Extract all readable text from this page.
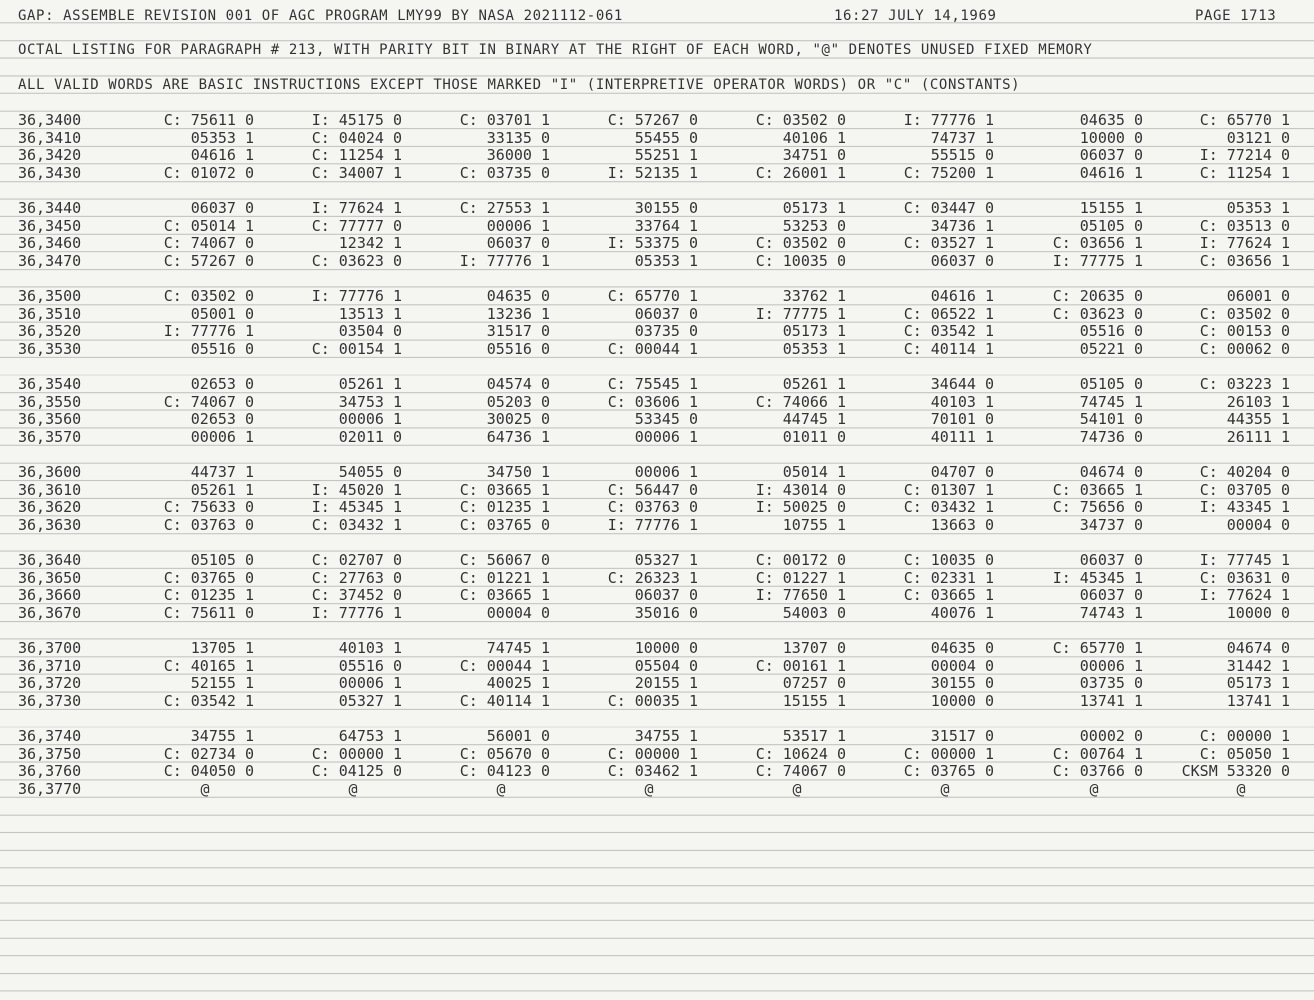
GAP: ASSEMBLE REVISION 001 OF AGC PROGRAM LMY99 BY NASA 2021112-061	16:27 JULY 14,1969	PAGE 1713
OCTAL LISTING FOR PARAGRAPH # 213, WITH PARITY BIT IN BINARY AT THE RIGHT OF EACH WORD, "@" DENOTES UNUSED FIXED MEMORY
ALL VALID WORDS ARE BASIC INSTRUCTIONS EXCEPT THOSE MARKED "I" (INTERPRETIVE OPERATOR WORDS) OR "C" (CONSTANTS)
36,3400	C: 75611 0	I: 45175 0	C: 03701 1	C: 57267 0	C: 03502 0	I: 77776 1	04635 0	C: 65770 1
36,3410	05353 1	C: 04024 0	33135 0	55455 0	40106 1	74737 1	10000 0	03121 0
36,3420	04616 1	C: 11254 1	36000 1	55251 1	34751 0	55515 0	06037 0	I: 77214 0
36,3430	C: 01072 0	C: 34007 1	C: 03735 0	I: 52135 1	C: 26001 1	C: 75200 1	04616 1	C: 11254 1
36,3440	06037 0	I: 77624 1	C: 27553 1	30155 0	05173 1	C: 03447 0	15155 1	05353 1
36,3450	C: 05014 1	C: 77777 0	00006 1	33764 1	53253 0	34736 1	05105 0	C: 03513 0
36,3460	C: 74067 0	12342 1	06037 0	I: 53375 0	C: 03502 0	C: 03527 1	C: 03656 1	I: 77624 1
36,3470	C: 57267 0	C: 03623 0	I: 77776 1	05353 1	C: 10035 0	06037 0	I: 77775 1	C: 03656 1
36,3500	C: 03502 0	I: 77776 1	04635 0	C: 65770 1	33762 1	04616 1	C: 20635 0	06001 0
36,3510	05001 0	13513 1	13236 1	06037 0	I: 77775 1	C: 06522 1	C: 03623 0	C: 03502 0
36,3520	I: 77776 1	03504 0	31517 0	03735 0	05173 1	C: 03542 1	05516 0	C: 00153 0
36,3530	05516 0	C: 00154 1	05516 0	C: 00044 1	05353 1	C: 40114 1	05221 0	C: 00062 0
36,3540	02653 0	05261 1	04574 0	C: 75545 1	05261 1	34644 0	05105 0	C: 03223 1
36,3550	C: 74067 0	34753 1	05203 0	C: 03606 1	C: 74066 1	40103 1	74745 1	26103 1
36,3560	02653 0	00006 1	30025 0	53345 0	44745 1	70101 0	54101 0	44355 1
36,3570	00006 1	02011 0	64736 1	00006 1	01011 0	40111 1	74736 0	26111 1
36,3600	44737 1	54055 0	34750 1	00006 1	05014 1	04707 0	04674 0	C: 40204 0
36,3610	05261 1	I: 45020 1	C: 03665 1	C: 56447 0	I: 43014 0	C: 01307 1	C: 03665 1	C: 03705 0
36,3620	C: 75633 0	I: 45345 1	C: 01235 1	C: 03763 0	I: 50025 0	C: 03432 1	C: 75656 0	I: 43345 1
36,3630	C: 03763 0	C: 03432 1	C: 03765 0	I: 77776 1	10755 1	13663 0	34737 0	00004 0
36,3640	05105 0	C: 02707 0	C: 56067 0	05327 1	C: 00172 0	C: 10035 0	06037 0	I: 77745 1
36,3650	C: 03765 0	C: 27763 0	C: 01221 1	C: 26323 1	C: 01227 1	C: 02331 1	I: 45345 1	C: 03631 0
36,3660	C: 01235 1	C: 37452 0	C: 03665 1	06037 0	I: 77650 1	C: 03665 1	06037 0	I: 77624 1
36,3670	C: 75611 0	I: 77776 1	00004 0	35016 0	54003 0	40076 1	74743 1	10000 0
36,3700	13705 1	40103 1	74745 1	10000 0	13707 0	04635 0	C: 65770 1	04674 0
36,3710	C: 40165 1	05516 0	C: 00044 1	05504 0	C: 00161 1	00004 0	00006 1	31442 1
36,3720	52155 1	00006 1	40025 1	20155 1	07257 0	30155 0	03735 0	05173 1
36,3730	C: 03542 1	05327 1	C: 40114 1	C: 00035 1	15155 1	10000 0	13741 1	13741 1
36,3740	34755 1	64753 1	56001 0	34755 1	53517 1	31517 0	00002 0	C: 00000 1
36,3750	C: 02734 0	C: 00000 1	C: 05670 0	C: 00000 1	C: 10624 0	C: 00000 1	C: 00764 1	C: 05050 1
36,3760	C: 04050 0	C: 04125 0	C: 04123 0	C: 03462 1	C: 74067 0	C: 03765 0	C: 03766 0	CKSM 53320 0
36,3770	@	@	@	@	@	@	@	@
